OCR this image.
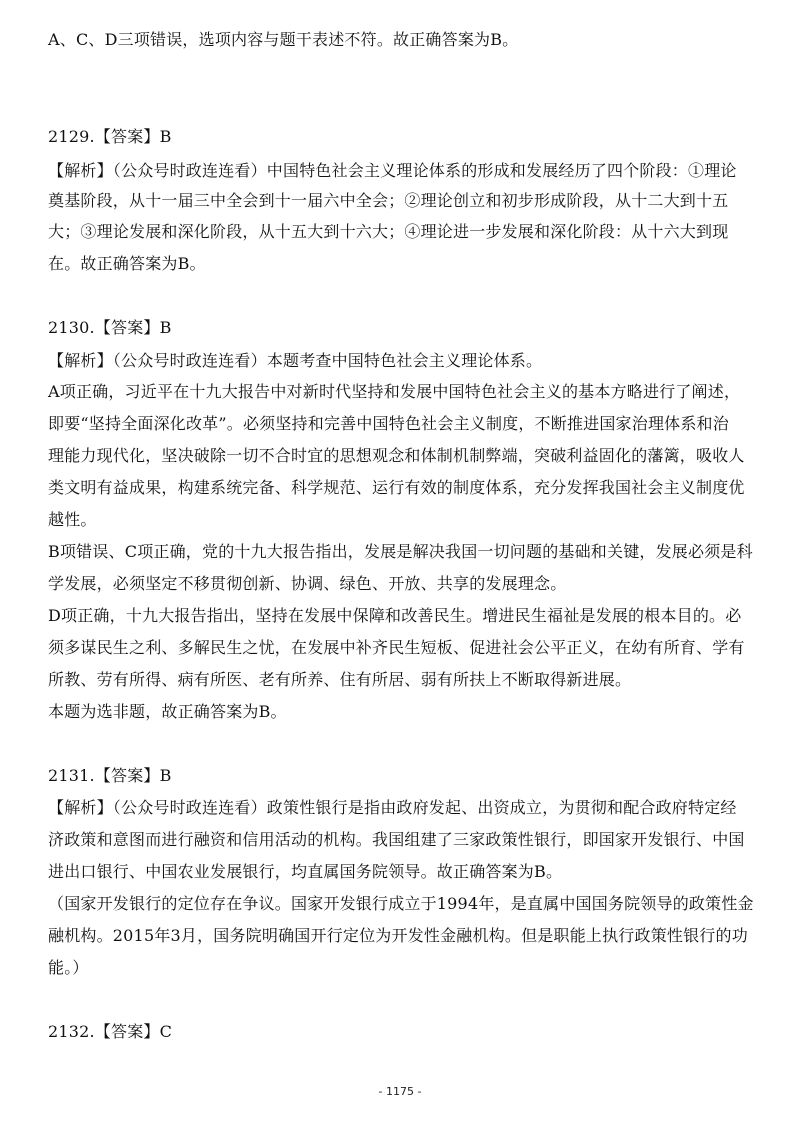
A、C、D三项错误，选项内容与题干表述不符。故正确答案为B。
2129.【答案】B
【解析】（公众号时政连连看）中国特色社会主义理论体系的形成和发展经历了四个阶段：①理论
奠基阶段，从十一届三中全会到十一届六中全会；②理论创立和初步形成阶段，从十二大到十五
大；③理论发展和深化阶段，从十五大到十六大；④理论进一步发展和深化阶段：从十六大到现
在。故正确答案为B。
2130.【答案】B
【解析】（公众号时政连连看）本题考查中国特色社会主义理论体系。
A项正确，习近平在十九大报告中对新时代坚持和发展中国特色社会主义的基本方略进行了阐述，
即要“坚持全面深化改革”。必须坚持和完善中国特色社会主义制度，不断推进国家治理体系和治
理能力现代化，坚决破除一切不合时宜的思想观念和体制机制弊端，突破利益固化的藩篱，吸收人
类文明有益成果，构建系统完备、科学规范、运行有效的制度体系，充分发挥我国社会主义制度优
越性。
B项错误、C项正确，党的十九大报告指出，发展是解决我国一切问题的基础和关键，发展必须是科
学发展，必须坚定不移贯彻创新、协调、绿色、开放、共享的发展理念。
D项正确，十九大报告指出，坚持在发展中保障和改善民生。增进民生福祉是发展的根本目的。必
须多谋民生之利、多解民生之忧，在发展中补齐民生短板、促进社会公平正义，在幼有所育、学有
所教、劳有所得、病有所医、老有所养、住有所居、弱有所扶上不断取得新进展。
本题为选非题，故正确答案为B。
2131.【答案】B
【解析】（公众号时政连连看）政策性银行是指由政府发起、出资成立，为贯彻和配合政府特定经
济政策和意图而进行融资和信用活动的机构。我国组建了三家政策性银行，即国家开发银行、中国
进出口银行、中国农业发展银行，均直属国务院领导。故正确答案为B。
（国家开发银行的定位存在争议。国家开发银行成立于1994年，是直属中国国务院领导的政策性金
融机构。2015年3月，国务院明确国开行定位为开发性金融机构。但是职能上执行政策性银行的功
能。）
2132.【答案】C
- 1175 -
